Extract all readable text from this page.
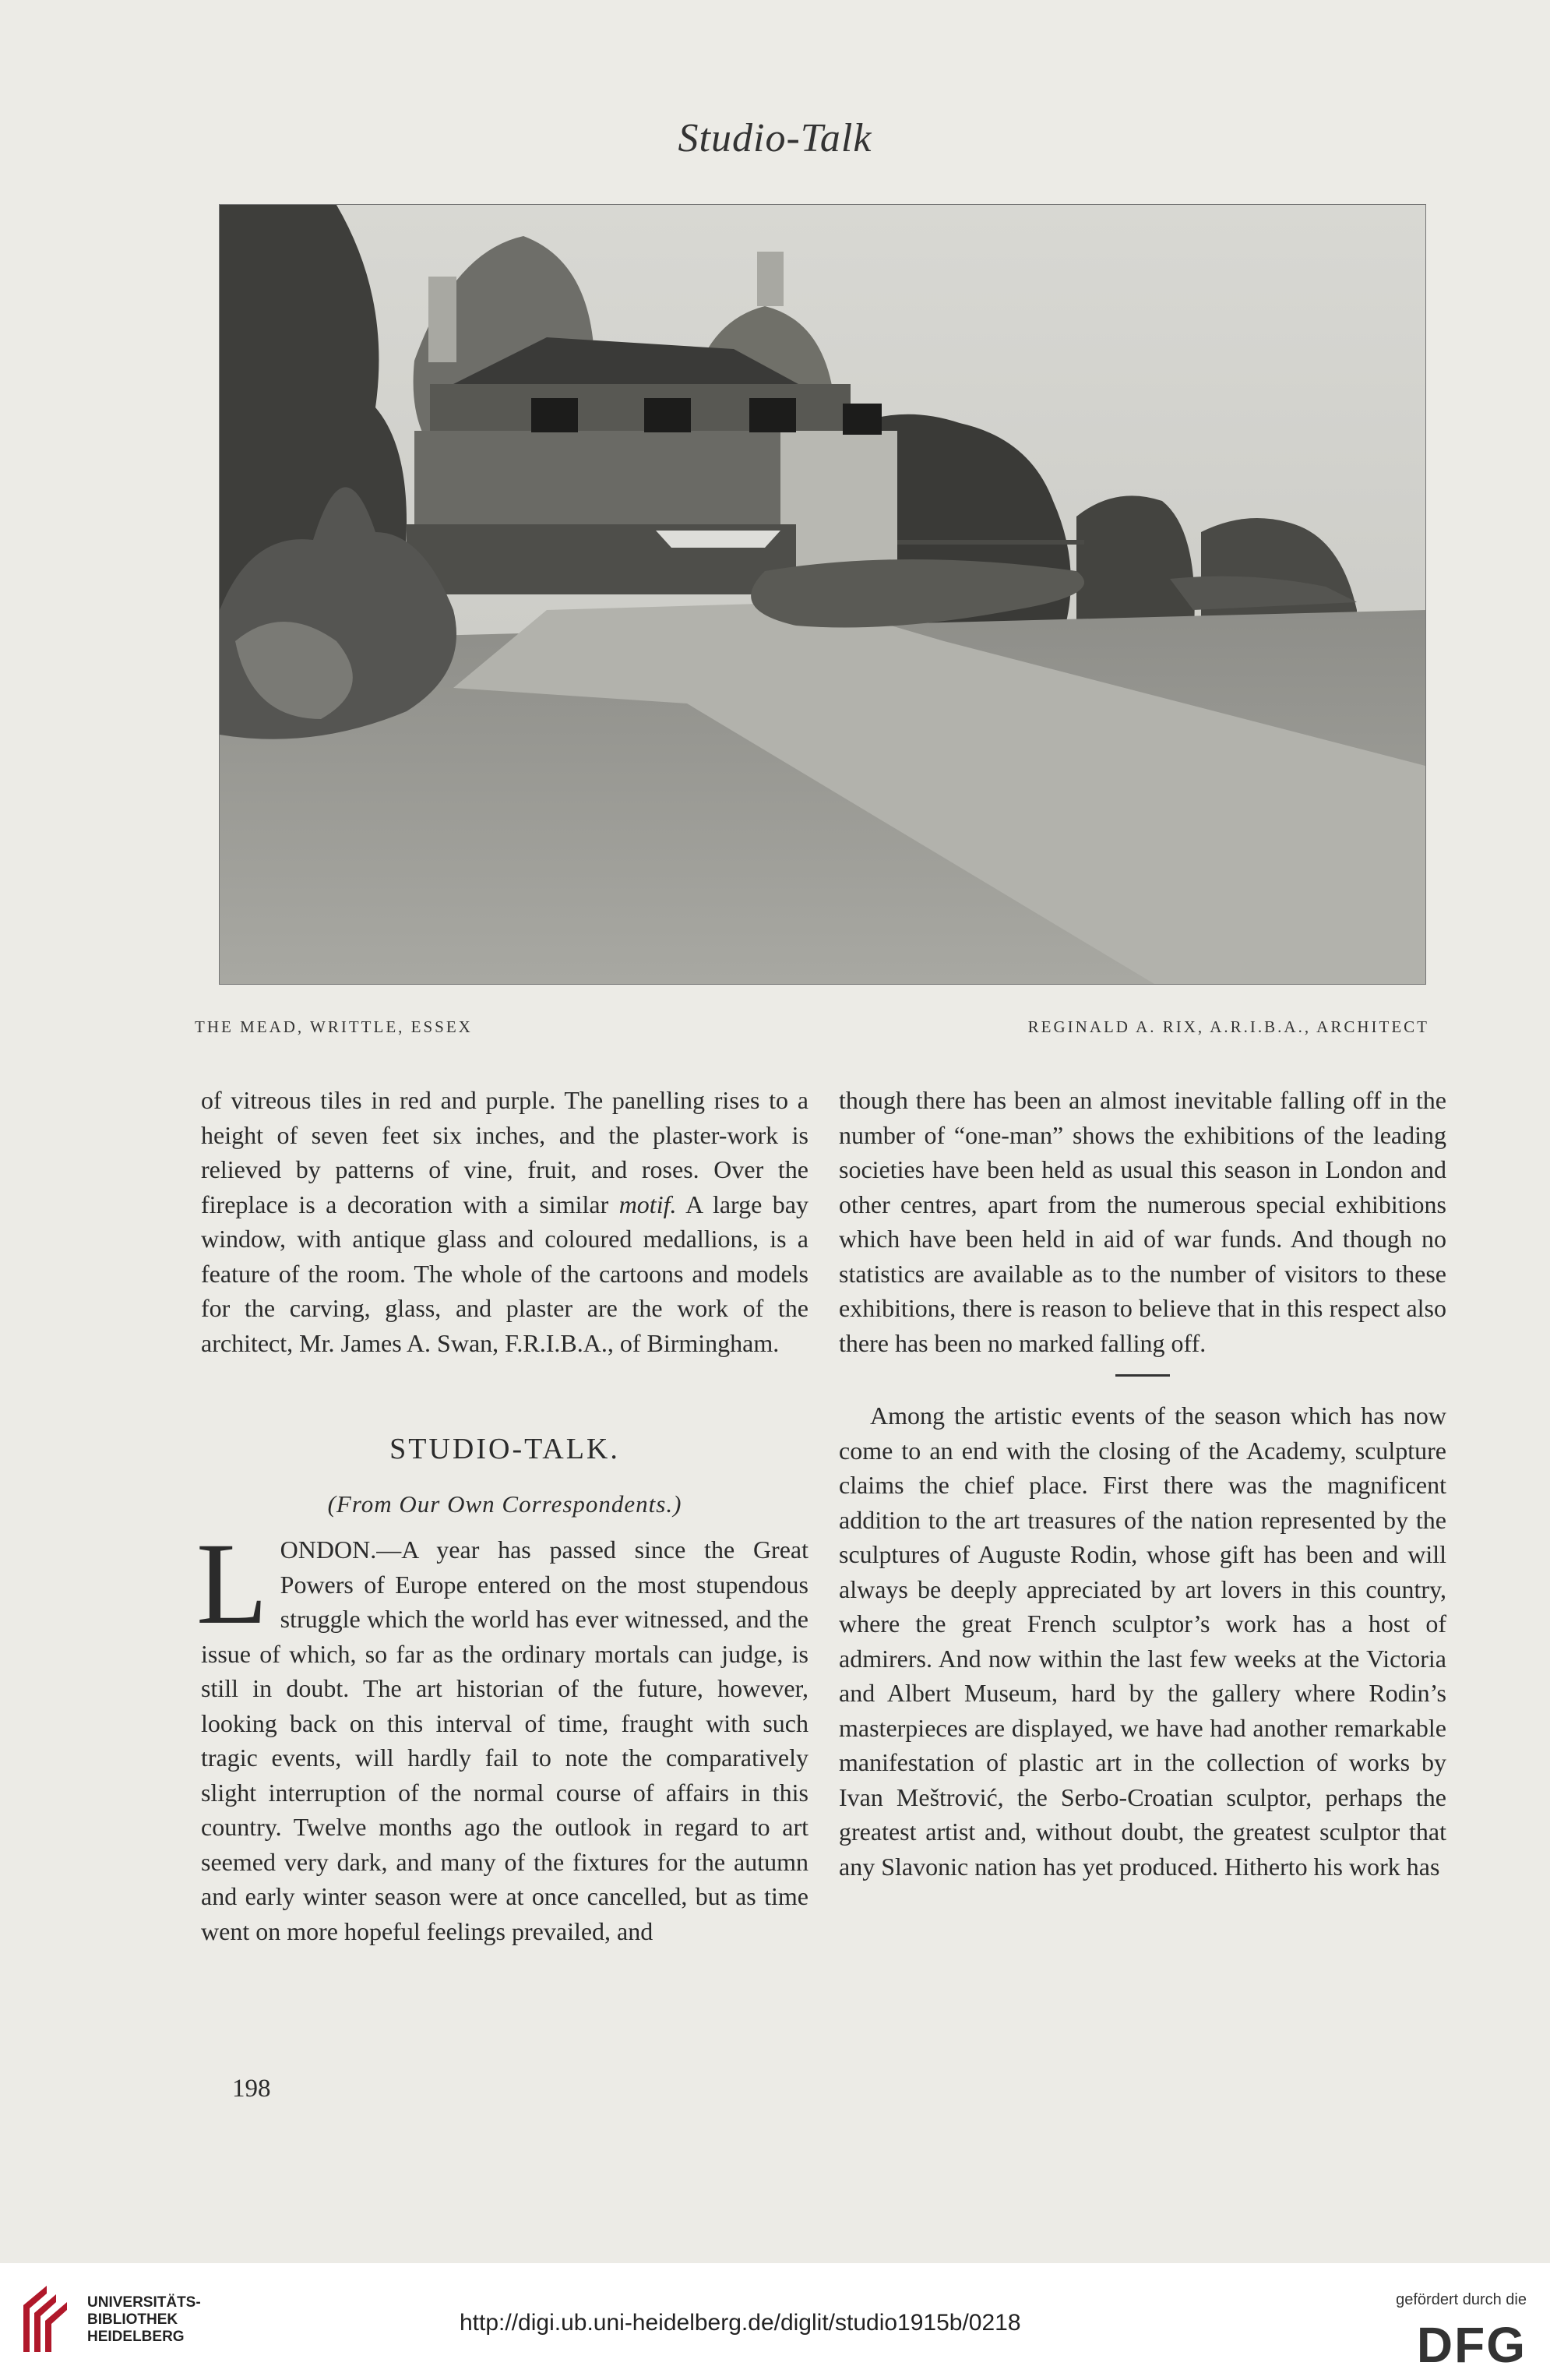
Studio-Talk
THE MEAD, WRITTLE, ESSEX	REGINALD A. RIX, A.R.I.B.A., ARCHITECT

of vitreous tiles in red and purple. The panelling rises to a height of seven feet six inches, and the plaster-work is relieved by patterns of vine, fruit, and roses. Over the fireplace is a decoration with a similar motif. A large bay window, with antique glass and coloured medallions, is a feature of the room. The whole of the cartoons and models for the carving, glass, and plaster are the work of the architect, Mr. James A. Swan, F.R.I.B.A., of Birmingham.

STUDIO-TALK.

(From Our Own Correspondents.)

LONDON.—A year has passed since the Great Powers of Europe entered on the most stupendous struggle which the world has ever witnessed, and the issue of which, so far as the ordinary mortals can judge, is still in doubt. The art historian of the future, however, looking back on this interval of time, fraught with such tragic events, will hardly fail to note the comparatively slight interruption of the normal course of affairs in this country. Twelve months ago the outlook in regard to art seemed very dark, and many of the fixtures for the autumn and early winter season were at once cancelled, but as time went on more hopeful feelings prevailed, and

though there has been an almost inevitable falling off in the number of “one-man” shows the exhibitions of the leading societies have been held as usual this season in London and other centres, apart from the numerous special exhibitions which have been held in aid of war funds. And though no statistics are available as to the number of visitors to these exhibitions, there is reason to believe that in this respect also there has been no marked falling off.

Among the artistic events of the season which has now come to an end with the closing of the Academy, sculpture claims the chief place. First there was the magnificent addition to the art treasures of the nation represented by the sculptures of Auguste Rodin, whose gift has been and will always be deeply appreciated by art lovers in this country, where the great French sculptor’s work has a host of admirers. And now within the last few weeks at the Victoria and Albert Museum, hard by the gallery where Rodin’s masterpieces are displayed, we have had another remarkable manifestation of plastic art in the collection of works by Ivan Meštrović, the Serbo-Croatian sculptor, perhaps the greatest artist and, without doubt, the greatest sculptor that any Slavonic nation has yet produced. Hitherto his work has

198
UNIVERSITÄTS-
BIBLIOTHEK
HEIDELBERG
http://digi.ub.uni-heidelberg.de/diglit/studio1915b/0218
gefördert durch die
DFG
